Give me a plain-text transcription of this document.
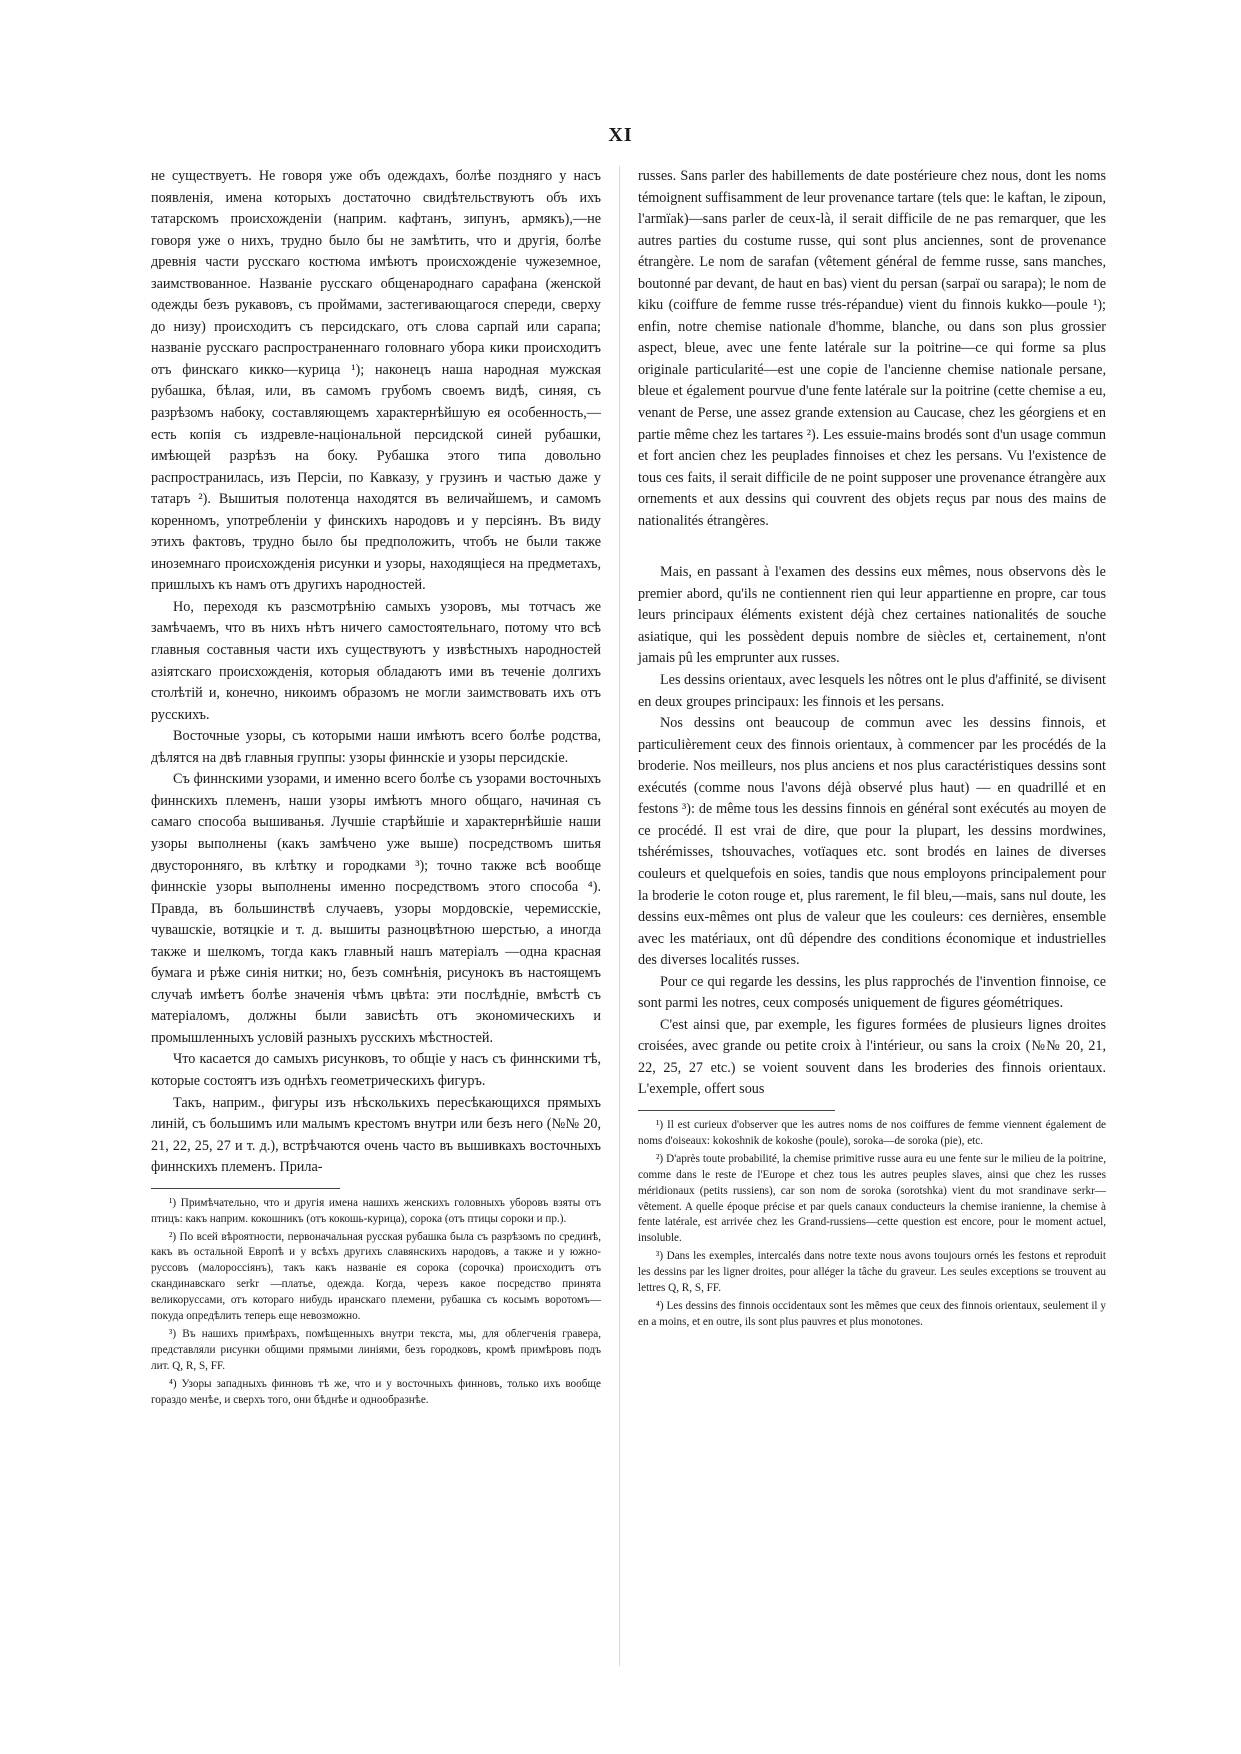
XI

не существуетъ. Не говоря уже объ одеждахъ, болѣе позднягo у насъ появленія, имена которыхъ достаточно свидѣтельствуютъ объ ихъ татарскомъ происхожденіи (наприм. кафтанъ, зипунъ, армякъ),—не говоря уже о нихъ, трудно было бы не замѣтить, что и другія, болѣе древнія части русскаго костюма имѣютъ происхожденіе чужеземное, заимствованное. Названіе русскаго общенароднаго сарафана (женской одежды безъ рукавовъ, съ проймами, застегивающагося спереди, сверху до низу) происходитъ съ персидскаго, отъ слова сарпай или сарапа; названіе русскаго распространеннаго головнаго убора кики происходитъ отъ финскаго кикко—курица ¹); наконецъ наша народная мужская рубашка, бѣлая, или, въ самомъ грубомъ своемъ видѣ, синяя, съ разрѣзомъ набоку, составляющемъ характернѣйшую ея особенность,—есть копія съ издревле-національной персидской синей рубашки, имѣющей разрѣзъ на боку. Рубашка этого типа довольно распространилась, изъ Персіи, по Кавказу, у грузинъ и частью даже у татаръ ²). Вышитыя полотенца находятся въ величайшемъ, и самомъ коренномъ, употребленіи у финскихъ народовъ и у персіянъ. Въ виду этихъ фактовъ, трудно было бы предположить, чтобъ не были также иноземнаго происхожденія рисунки и узоры, находящіеся на предметахъ, пришлыхъ къ намъ отъ другихъ народностей.

Но, переходя къ разсмотрѣнію самыхъ узоровъ, мы тотчасъ же замѣчаемъ, что въ нихъ нѣтъ ничего самостоятельнаго, потому что всѣ главныя составныя части ихъ существуютъ у извѣстныхъ народностей азіятскаго происхожденія, которыя обладаютъ ими въ теченіе долгихъ столѣтій и, конечно, никоимъ образомъ не могли заимствовать ихъ отъ русскихъ.

Восточные узоры, съ которыми наши имѣютъ всего болѣе родства, дѣлятся на двѣ главныя группы: узоры финнскіе и узоры персидскіе.

Съ финнскими узорами, и именно всего болѣе съ узорами восточныхъ финнскихъ племенъ, наши узоры имѣютъ много общаго, начиная съ самаго способа вышиванья. Лучшіе старѣйшіе и характернѣйшіе наши узоры выполнены (какъ замѣчено уже выше) посредствомъ шитья двусторонняго, въ клѣтку и городками ³); точно также всѣ вообще финнскіе узоры выполнены именно посредствомъ этого способа ⁴). Правда, въ большинствѣ случаевъ, узоры мордовскіе, черемисскіе, чувашскіе, вотяцкіе и т. д. вышиты разноцвѣтною шерстью, а иногда также и шелкомъ, тогда какъ главный нашъ матеріалъ —одна красная бумага и рѣже синія нитки; но, безъ сомнѣнія, рисунокъ въ настоящемъ случаѣ имѣетъ болѣе значенія чѣмъ цвѣта: эти послѣдніе, вмѣстѣ съ матеріаломъ, должны были зависѣть отъ экономическихъ и промышленныхъ условій разныхъ русскихъ мѣстностей.

Что касается до самыхъ рисунковъ, то общіе у насъ съ финнскими тѣ, которые состоятъ изъ однѣхъ геометрическихъ фигуръ.

Такъ, наприм., фигуры изъ нѣсколькихъ пересѣкающихся прямыхъ линій, съ большимъ или малымъ крестомъ внутри или безъ него (№№ 20, 21, 22, 25, 27 и т. д.), встрѣчаются очень часто въ вышивкахъ восточныхъ финнскихъ племенъ. Прила-

¹) Примѣчательно, что и другія имена нашихъ женскихъ головныхъ уборовъ взяты отъ птицъ: какъ наприм. кокошникъ (отъ кокошь-курица), сорока (отъ птицы сороки и пр.).

²) По всей вѣроятности, первоначальная русская рубашка была съ разрѣзомъ по срединѣ, какъ въ остальной Европѣ и у всѣхъ другихъ славянскихъ народовъ, а также и у южно-руссовъ (малороссіянъ), такъ какъ названіе ея сорока (сорочка) происходитъ отъ скандинавскаго serkr —платье, одежда. Когда, черезъ какое посредство принята великоруссами, отъ котораго нибудь иранскаго племени, рубашка съ косымъ воротомъ— покуда опредѣлить теперь еще невозможно.

³) Въ нашихъ примѣрахъ, помѣщенныхъ внутри текста, мы, для облегченія гравера, представляли рисунки общими прямыми линіями, безъ городковъ, кромѣ примѣровъ подъ лит. Q, R, S, FF.

⁴) Узоры западныхъ финновъ тѣ же, что и у восточныхъ финновъ, только ихъ вообще гораздо менѣе, и сверхъ того, они бѣднѣе и однообразнѣе.

russes. Sans parler des habillements de date postérieure chez nous, dont les noms témoignent suffisamment de leur provenance tartare (tels que: le kaftan, le zipoun, l'armïak)—sans parler de ceux-là, il serait difficile de ne pas remarquer, que les autres parties du costume russe, qui sont plus anciennes, sont de provenance étrangère. Le nom de sarafan (vêtement général de femme russe, sans manches, boutonné par devant, de haut en bas) vient du persan (sarpaï ou sarapa); le nom de kiku (coiffure de femme russe trés-répandue) vient du finnois kukko—poule ¹); enfin, notre chemise nationale d'homme, blanche, ou dans son plus grossier aspect, bleue, avec une fente latérale sur la poitrine—ce qui forme sa plus originale particularité—est une copie de l'ancienne chemise nationale persane, bleue et également pourvue d'une fente latérale sur la poitrine (cette chemise a eu, venant de Perse, une assez grande extension au Caucase, chez les géorgiens et en partie même chez les tartares ²). Les essuie-mains brodés sont d'un usage commun et fort ancien chez les peuplades finnoises et chez les persans. Vu l'existence de tous ces faits, il serait difficile de ne point supposer une provenance étrangère aux ornements et aux dessins qui couvrent des objets reçus par nous des mains de nationalités étrangères.

Mais, en passant à l'examen des dessins eux mêmes, nous observons dès le premier abord, qu'ils ne contiennent rien qui leur appartienne en propre, car tous leurs principaux éléments existent déjà chez certaines nationalités de souche asiatique, qui les possèdent depuis nombre de siècles et, certainement, n'ont jamais pû les emprunter aux russes.

Les dessins orientaux, avec lesquels les nôtres ont le plus d'affinité, se divisent en deux groupes principaux: les finnois et les persans.

Nos dessins ont beaucoup de commun avec les dessins finnois, et particulièrement ceux des finnois orientaux, à commencer par les procédés de la broderie. Nos meilleurs, nos plus anciens et nos plus caractéristiques dessins sont exécutés (comme nous l'avons déjà observé plus haut) — en quadrillé et en festons ³): de même tous les dessins finnois en général sont exécutés au moyen de ce procédé. Il est vrai de dire, que pour la plupart, les dessins mordwines, tshérémisses, tshouvaches, votïaques etc. sont brodés en laines de diverses couleurs et quelquefois en soies, tandis que nous employons principalement pour la broderie le coton rouge et, plus rarement, le fil bleu,—mais, sans nul doute, les dessins eux-mêmes ont plus de valeur que les couleurs: ces dernières, ensemble avec les matériaux, ont dû dépendre des conditions économique et industrielles des diverses localités russes.

Pour ce qui regarde les dessins, les plus rapprochés de l'invention finnoise, ce sont parmi les notres, ceux composés uniquement de figures géométriques.

C'est ainsi que, par exemple, les figures formées de plusieurs lignes droites croisées, avec grande ou petite croix à l'intérieur, ou sans la croix (№№ 20, 21, 22, 25, 27 etc.) se voient souvent dans les broderies des finnois orientaux. L'exemple, offert sous

¹) Il est curieux d'observer que les autres noms de nos coiffures de femme viennent également de noms d'oiseaux: kokoshnik de kokoshe (poule), soroka—de soroka (pie), etc.

²) D'après toute probabilité, la chemise primitive russe aura eu une fente sur le milieu de la poitrine, comme dans le reste de l'Europe et chez tous les autres peuples slaves, ainsi que chez les russes méridionaux (petits russiens), car son nom de soroka (sorotshka) vient du mot srandinave serkr—vêtement. A quelle époque précise et par quels canaux conducteurs la chemise iranienne, la chemise à fente latérale, est arrivée chez les Grand-russiens—cette question est encore, pour le moment actuel, insoluble.

³) Dans les exemples, intercalés dans notre texte nous avons toujours ornés les festons et reproduit les dessins par les ligner droites, pour alléger la tâche du graveur. Les seules exceptions se trouvent au lettres Q, R, S, FF.

⁴) Les dessins des finnois occidentaux sont les mêmes que ceux des finnois orientaux, seulement il y en a moins, et en outre, ils sont plus pauvres et plus monotones.
